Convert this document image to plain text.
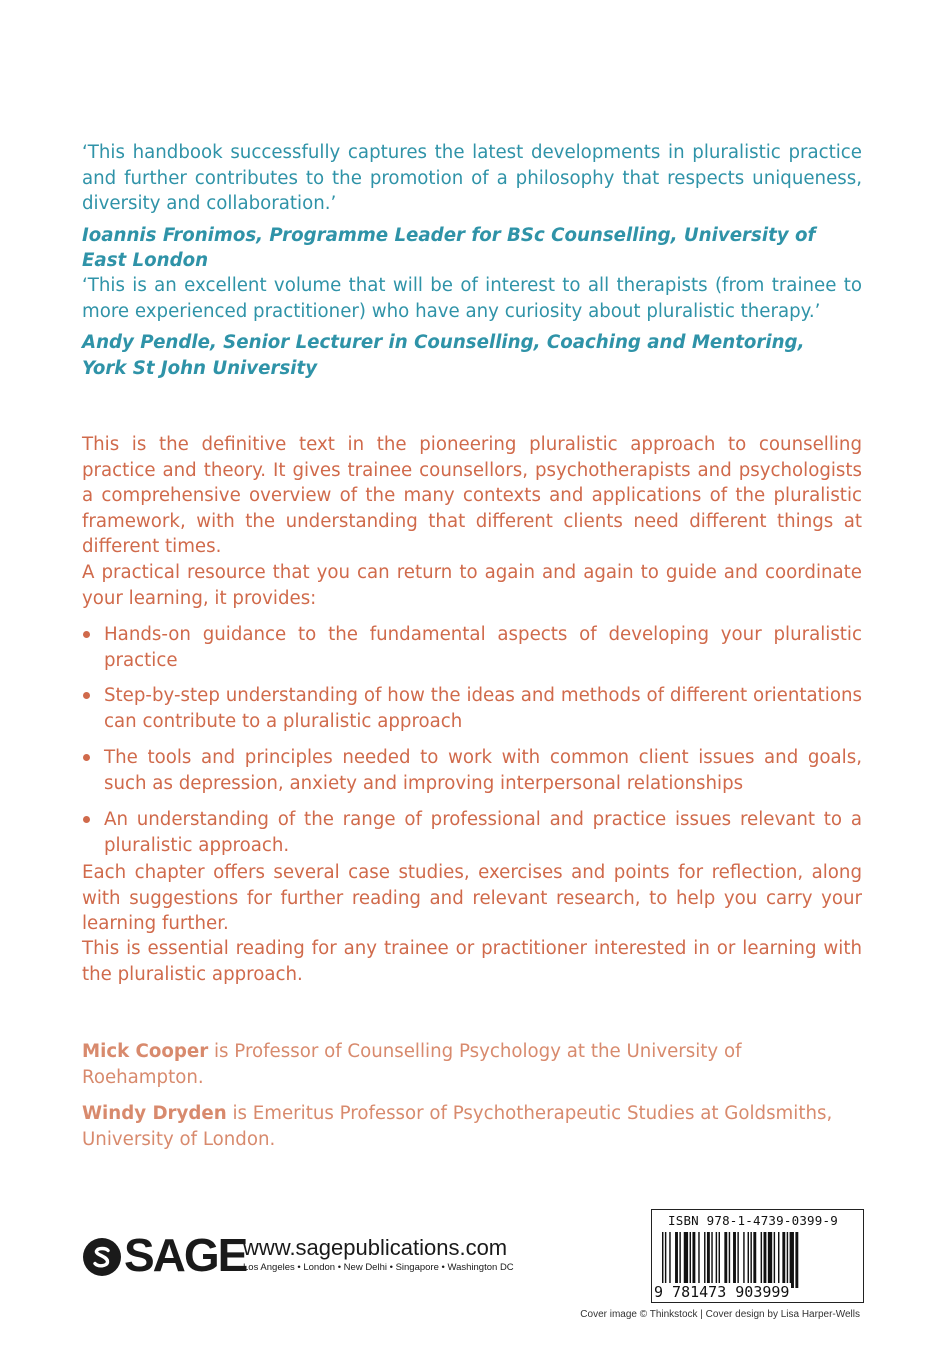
‘This handbook successfully captures the latest developments in pluralistic practice and further contributes to the promotion of a philosophy that respects uniqueness, diversity and collaboration.’

Ioannis Fronimos, Programme Leader for BSc Counselling, University of East London

‘This is an excellent volume that will be of interest to all therapists (from trainee to more experienced practitioner) who have any curiosity about pluralistic therapy.’

Andy Pendle, Senior Lecturer in Counselling, Coaching and Mentoring,

York St John University

This is the definitive text in the pioneering pluralistic approach to counselling practice and theory. It gives trainee counsellors, psychotherapists and psychologists a comprehensive overview of the many contexts and applications of the pluralistic framework, with the understanding that different clients need different things at different times.

A practical resource that you can return to again and again to guide and coordinate your learning, it provides:

Hands-on guidance to the fundamental aspects of developing your pluralistic practice
Step-by-step understanding of how the ideas and methods of different orientations can contribute to a pluralistic approach
The tools and principles needed to work with common client issues and goals, such as depression, anxiety and improving interpersonal relationships
An understanding of the range of professional and practice issues relevant to a pluralistic approach.

Each chapter offers several case studies, exercises and points for reflection, along with suggestions for further reading and relevant research, to help you carry your learning further.

This is essential reading for any trainee or practitioner interested in or learning with the pluralistic approach.

Mick Cooper is Professor of Counselling Psychology at the University of Roehampton.

Windy Dryden is Emeritus Professor of Psychotherapeutic Studies at Goldsmiths, University of London.

SAGE
www.sagepublications.com
Los Angeles • London • New Delhi • Singapore • Washington DC
ISBN 978-1-4739-0399-9
9 781473 903999
Cover image © Thinkstock | Cover design by Lisa Harper-Wells
